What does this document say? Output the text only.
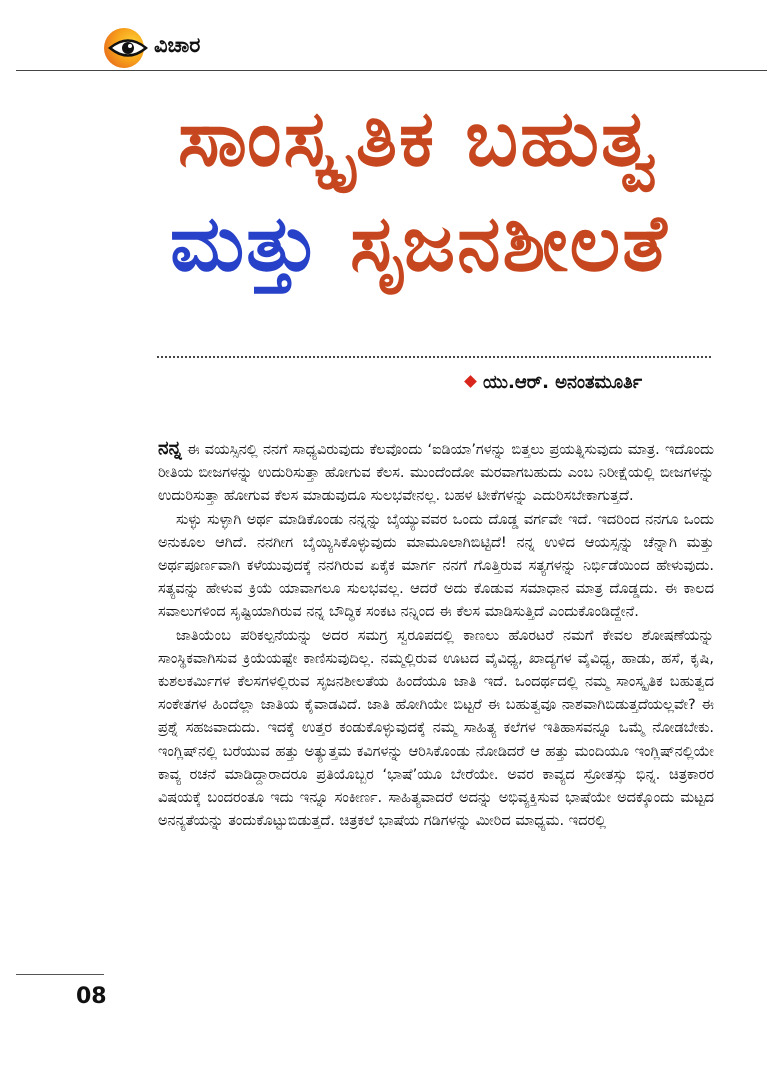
ವಿಚಾರ
ಸಾಂಸ್ಕೃತಿಕ ಬಹುತ್ವ
ಮತ್ತು ಸೃಜನಶೀಲತೆ
ಯು.ಆರ್. ಅನಂತಮೂರ್ತಿ

ನನ್ನ ಈ ವಯಸ್ಸಿನಲ್ಲಿ ನನಗೆ ಸಾಧ್ಯವಿರುವುದು ಕೆಲವೊಂದು ‘ಐಡಿಯಾ’ಗಳನ್ನು ಬಿತ್ತಲು ಪ್ರಯತ್ನಿಸುವುದು ಮಾತ್ರ. ಇದೊಂದು ರೀತಿಯ ಬೀಜಗಳನ್ನು ಉದುರಿಸುತ್ತಾ ಹೋಗುವ ಕೆಲಸ. ಮುಂದೆಂದೋ ಮರವಾಗಬಹುದು ಎಂಬ ನಿರೀಕ್ಷೆಯಲ್ಲಿ ಬೀಜಗಳನ್ನು ಉದುರಿಸುತ್ತಾ ಹೋಗುವ ಕೆಲಸ ಮಾಡುವುದೂ ಸುಲಭವೇನಲ್ಲ. ಬಹಳ ಟೀಕೆಗಳನ್ನು ಎದುರಿಸಬೇಕಾಗುತ್ತದೆ.

ಸುಳ್ಳು ಸುಳ್ಳಾಗಿ ಅರ್ಥ ಮಾಡಿಕೊಂಡು ನನ್ನನ್ನು ಬೈಯ್ಯುವವರ ಒಂದು ದೊಡ್ಡ ವರ್ಗವೇ ಇದೆ. ಇದರಿಂದ ನನಗೂ ಒಂದು ಅನುಕೂಲ ಆಗಿದೆ. ನನಗೀಗ ಬೈಯ್ಯಿಸಿಕೊಳ್ಳುವುದು ಮಾಮೂಲಾಗಿಬಿಟ್ಟಿದೆ! ನನ್ನ ಉಳಿದ ಆಯಸ್ಸನ್ನು ಚೆನ್ನಾಗಿ ಮತ್ತು ಅರ್ಥಪೂರ್ಣವಾಗಿ ಕಳೆಯುವುದಕ್ಕೆ ನನಗಿರುವ ಏಕೈಕ ಮಾರ್ಗ ನನಗೆ ಗೊತ್ತಿರುವ ಸತ್ಯಗಳನ್ನು ನಿರ್ಭಿಡೆಯಿಂದ ಹೇಳುವುದು. ಸತ್ಯವನ್ನು ಹೇಳುವ ಕ್ರಿಯೆ ಯಾವಾಗಲೂ ಸುಲಭವಲ್ಲ. ಆದರೆ ಅದು ಕೊಡುವ ಸಮಾಧಾನ ಮಾತ್ರ ದೊಡ್ಡದು. ಈ ಕಾಲದ ಸವಾಲುಗಳಿಂದ ಸೃಷ್ಟಿಯಾಗಿರುವ ನನ್ನ ಬೌದ್ಧಿಕ ಸಂಕಟ ನನ್ನಿಂದ ಈ ಕೆಲಸ ಮಾಡಿಸುತ್ತಿದೆ ಎಂದುಕೊಂಡಿದ್ದೇನೆ.

ಜಾತಿಯೆಂಬ ಪರಿಕಲ್ಪನೆಯನ್ನು ಅದರ ಸಮಗ್ರ ಸ್ವರೂಪದಲ್ಲಿ ಕಾಣಲು ಹೊರಟರೆ ನಮಗೆ ಕೇವಲ ಶೋಷಣೆಯನ್ನು ಸಾಂಸ್ಥಿಕವಾಗಿಸುವ ಕ್ರಿಯೆಯಷ್ಟೇ ಕಾಣಿಸುವುದಿಲ್ಲ. ನಮ್ಮಲ್ಲಿರುವ ಊಟದ ವೈವಿಧ್ಯ, ಖಾದ್ಯಗಳ ವೈವಿಧ್ಯ, ಹಾಡು, ಹಸೆ, ಕೃಷಿ, ಕುಶಲಕರ್ಮಿಗಳ ಕೆಲಸಗಳಲ್ಲಿರುವ ಸೃಜನಶೀಲತೆಯ ಹಿಂದೆಯೂ ಜಾತಿ ಇದೆ. ಒಂದರ್ಥದಲ್ಲಿ ನಮ್ಮ ಸಾಂಸ್ಕೃತಿಕ ಬಹುತ್ವದ ಸಂಕೇತಗಳ ಹಿಂದೆಲ್ಲಾ ಜಾತಿಯ ಕೈವಾಡವಿದೆ. ಜಾತಿ ಹೋಗಿಯೇ ಬಿಟ್ಟರೆ ಈ ಬಹುತ್ವವೂ ನಾಶವಾಗಿಬಿಡುತ್ತದೆಯಲ್ಲವೇ? ಈ ಪ್ರಶ್ನೆ ಸಹಜವಾದುದು. ಇದಕ್ಕೆ ಉತ್ತರ ಕಂಡುಕೊಳ್ಳುವುದಕ್ಕೆ ನಮ್ಮ ಸಾಹಿತ್ಯ ಕಲೆಗಳ ಇತಿಹಾಸವನ್ನೂ ಒಮ್ಮೆ ನೋಡಬೇಕು. ಇಂಗ್ಲಿಷ್‌ನಲ್ಲಿ ಬರೆಯುವ ಹತ್ತು ಅತ್ಯುತ್ತಮ ಕವಿಗಳನ್ನು ಆರಿಸಿಕೊಂಡು ನೋಡಿದರೆ ಆ ಹತ್ತು ಮಂದಿಯೂ ಇಂಗ್ಲಿಷ್‌ನಲ್ಲಿಯೇ ಕಾವ್ಯ ರಚನೆ ಮಾಡಿದ್ದಾರಾದರೂ ಪ್ರತಿಯೊಬ್ಬರ ‘ಭಾಷೆ’ಯೂ ಬೇರೆಯೇ. ಅವರ ಕಾವ್ಯದ ಸ್ರೋತಸ್ಸು ಭಿನ್ನ. ಚಿತ್ರಕಾರರ ವಿಷಯಕ್ಕೆ ಬಂದರಂತೂ ಇದು ಇನ್ನೂ ಸಂಕೀರ್ಣ. ಸಾಹಿತ್ಯವಾದರೆ ಅದನ್ನು ಅಭಿವ್ಯಕ್ತಿಸುವ ಭಾಷೆಯೇ ಅದಕ್ಕೊಂದು ಮಟ್ಟದ ಅನನ್ಯತೆಯನ್ನು ತಂದುಕೊಟ್ಟುಬಿಡುತ್ತದೆ. ಚಿತ್ರಕಲೆ ಭಾಷೆಯ ಗಡಿಗಳನ್ನು ಮೀರಿದ ಮಾಧ್ಯಮ. ಇದರಲ್ಲಿ

08
